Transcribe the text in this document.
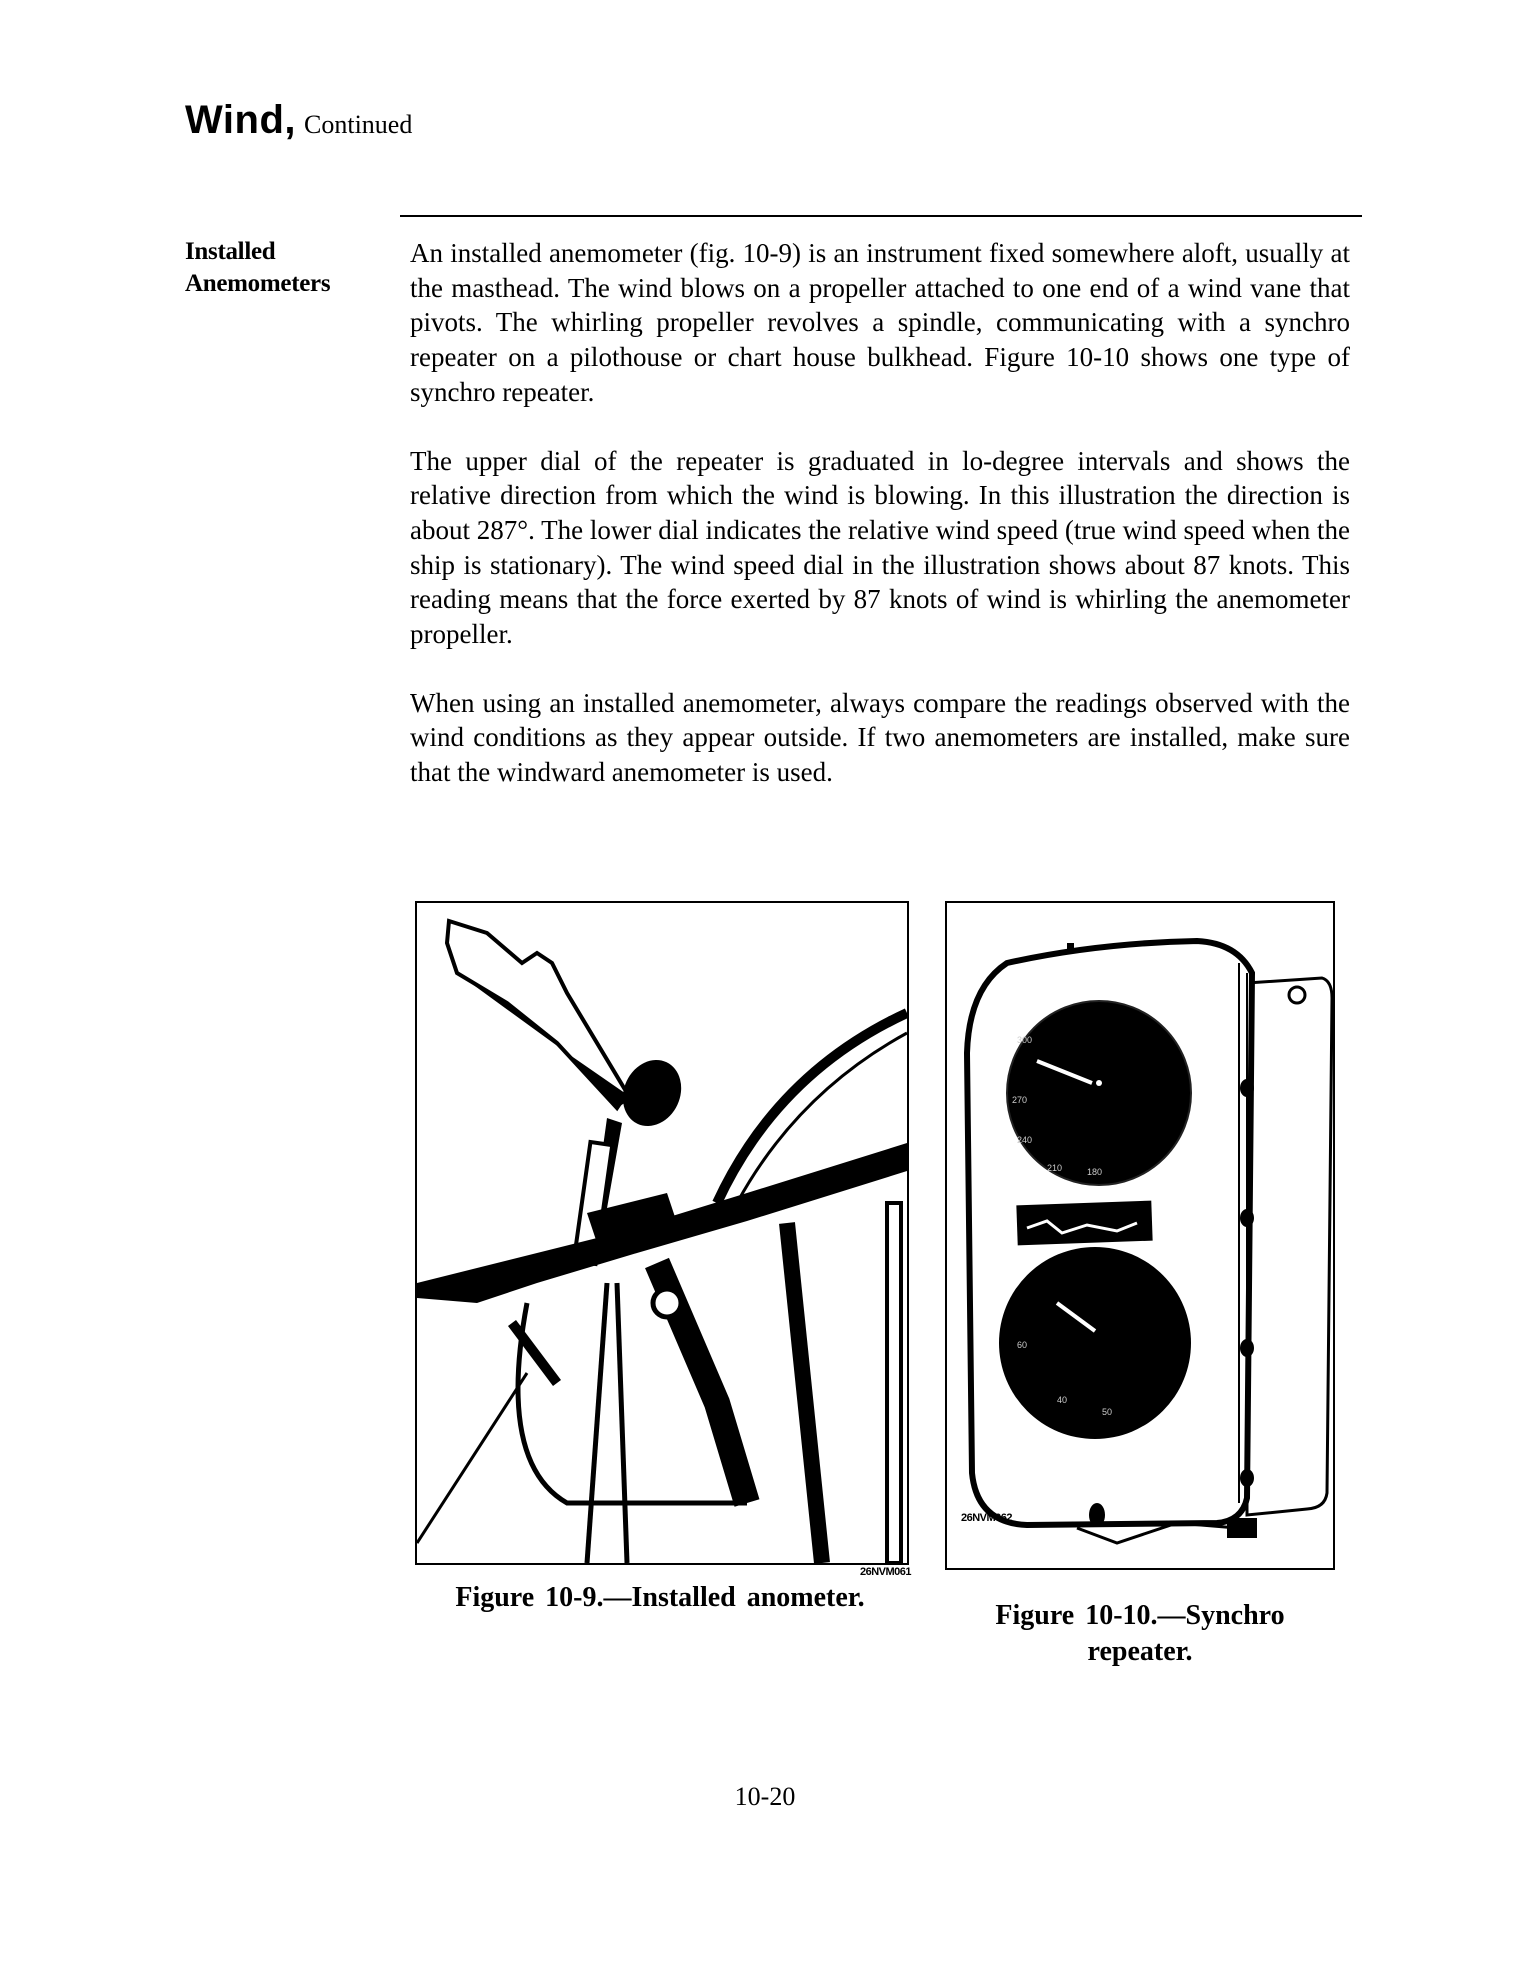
Wind, Continued
Installed
Anemometers

An installed anemometer (fig. 10-9) is an instrument fixed somewhere aloft, usually at the masthead. The wind blows on a propeller attached to one end of a wind vane that pivots. The whirling propeller revolves a spindle, communicating with a synchro repeater on a pilothouse or chart house bulkhead. Figure 10-10 shows one type of synchro repeater.

The upper dial of the repeater is graduated in lo-degree intervals and shows the relative direction from which the wind is blowing. In this illustration the direction is about 287°. The lower dial indicates the relative wind speed (true wind speed when the ship is stationary). The wind speed dial in the illustration shows about 87 knots. This reading means that the force exerted by 87 knots of wind is whirling the anemometer propeller.

When using an installed anemometer, always compare the readings observed with the wind conditions as they appear outside. If two anemometers are installed, make sure that the windward anemometer is used.

26NVM061
Figure 10-9.—Installed anometer.
300
270
240
210	180
60
40
50
26NVM062
Figure 10-10.—Synchro repeater.
10-20
